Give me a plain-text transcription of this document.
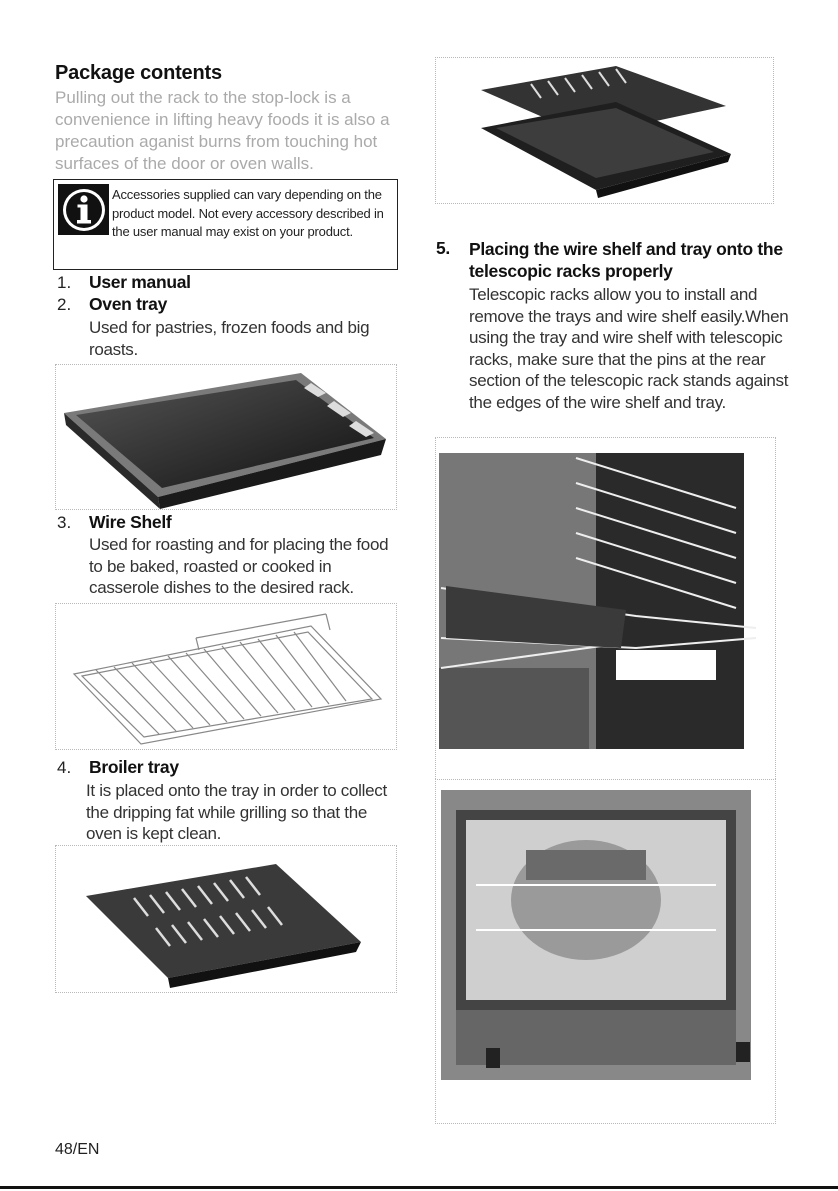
Package contents
Pulling out the rack to the stop-lock is a convenience in lifting heavy foods it is also a precaution aganist burns from touching hot surfaces of the door or oven walls.
Accessories supplied can vary depending on the product model. Not every accessory described in the user manual may exist on your product.
1. User manual
2. Oven tray
Used for pastries, frozen foods and big roasts.
3. Wire Shelf
Used for roasting and for placing the food to be baked, roasted or cooked in casserole dishes to the desired rack.
4. Broiler tray
It is placed onto the tray in order to collect the dripping fat while grilling so that the oven is kept clean.
5. Placing the wire shelf and tray onto the telescopic racks properly
Telescopic racks allow you to install and remove the trays and wire shelf easily.When using the tray and wire shelf with telescopic racks, make sure that the pins at the rear section of the telescopic rack stands against the edges of the wire shelf and tray.
48/EN
